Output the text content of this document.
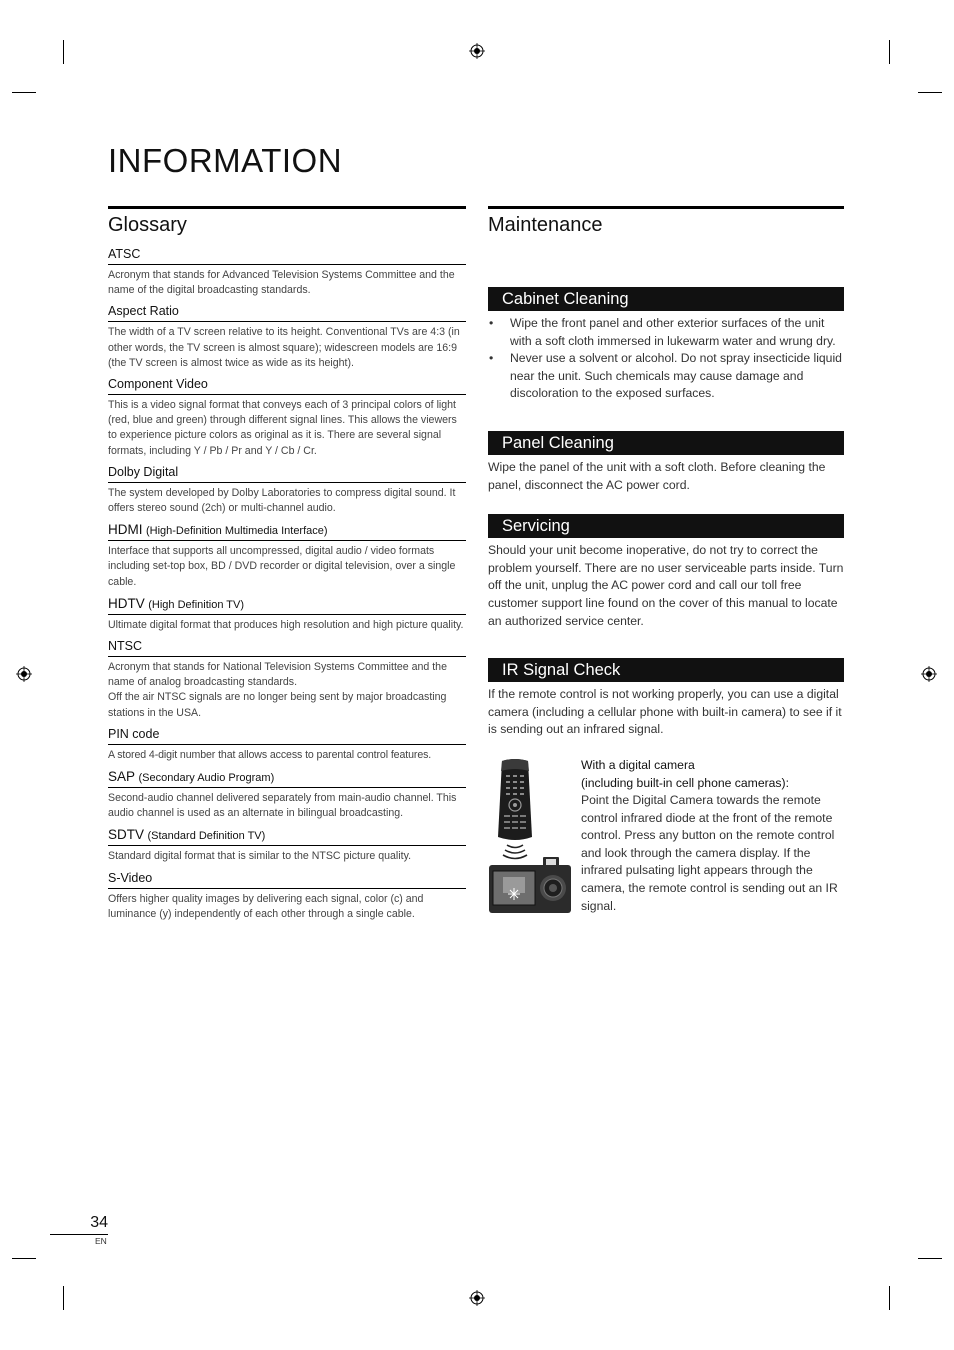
INFORMATION
Glossary
ATSC
Acronym that stands for Advanced Television Systems Committee and the name of the digital broadcasting standards.
Aspect Ratio
The width of a TV screen relative to its height. Conventional TVs are 4:3 (in other words, the TV screen is almost square); widescreen models are 16:9 (the TV screen is almost twice as wide as its height).
Component Video
This is a video signal format that conveys each of 3 principal colors of light (red, blue and green) through different signal lines. This allows the viewers to experience picture colors as original as it is. There are several signal formats, including Y / Pb / Pr and Y / Cb / Cr.
Dolby Digital
The system developed by Dolby Laboratories to compress digital sound. It offers stereo sound (2ch) or multi-channel audio.
HDMI (High-Definition Multimedia Interface)
Interface that supports all uncompressed, digital audio / video formats including set-top box, BD / DVD recorder or digital television, over a single cable.
HDTV (High Definition TV)
Ultimate digital format that produces high resolution and high picture quality.
NTSC

Acronym that stands for National Television Systems Committee and the name of analog broadcasting standards.

Off the air NTSC signals are no longer being sent by major broadcasting stations in the USA.

PIN code
A stored 4-digit number that allows access to parental control features.
SAP (Secondary Audio Program)
Second-audio channel delivered separately from main-audio channel. This audio channel is used as an alternate in bilingual broadcasting.
SDTV (Standard Definition TV)
Standard digital format that is similar to the NTSC picture quality.
S-Video
Offers higher quality images by delivering each signal, color (c) and luminance (y) independently of each other through a single cable.
Maintenance
Cabinet Cleaning
• Wipe the front panel and other exterior surfaces of the unit with a soft cloth immersed in lukewarm water and wrung dry.
• Never use a solvent or alcohol. Do not spray insecticide liquid near the unit. Such chemicals may cause damage and discoloration to the exposed surfaces.
Panel Cleaning

Wipe the panel of the unit with a soft cloth. Before cleaning the panel, disconnect the AC power cord.

Servicing

Should your unit become inoperative, do not try to correct the problem yourself. There are no user serviceable parts inside. Turn off the unit, unplug the AC power cord and call our toll free customer support line found on the cover of this manual to locate an authorized service center.

IR Signal Check

If the remote control is not working properly, you can use a digital camera (including a cellular phone with built-in camera) to see if it is sending out an infrared signal.

With a digital camera

(including built-in cell phone cameras):

Point the Digital Camera towards the remote control infrared diode at the front of the remote control. Press any button on the remote control and look through the camera display. If the infrared pulsating light appears through the camera, the remote control is sending out an IR signal.

34
EN
